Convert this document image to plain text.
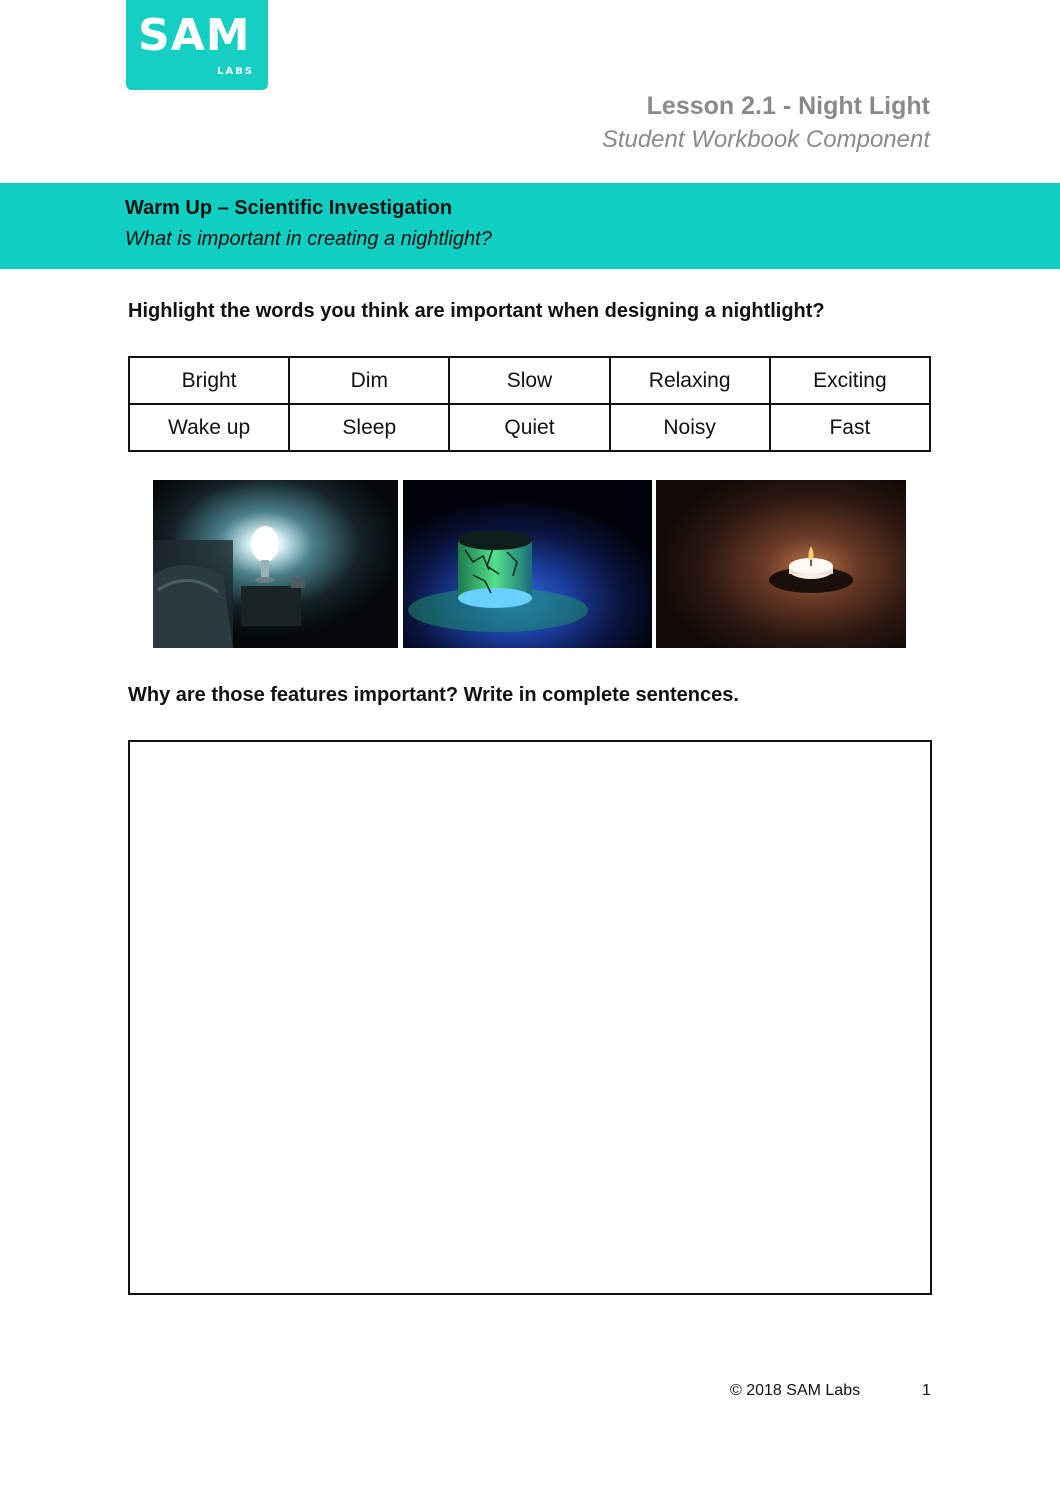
SAM
LABS
Lesson 2.1 - Night Light
Student Workbook Component
Warm Up – Scientific Investigation
What is important in creating a nightlight?
Highlight the words you think are important when designing a nightlight?
Bright	Dim	Slow	Relaxing	Exciting
Wake up	Sleep	Quiet	Noisy	Fast
Why are those features important? Write in complete sentences.
© 2018 SAM Labs	1
